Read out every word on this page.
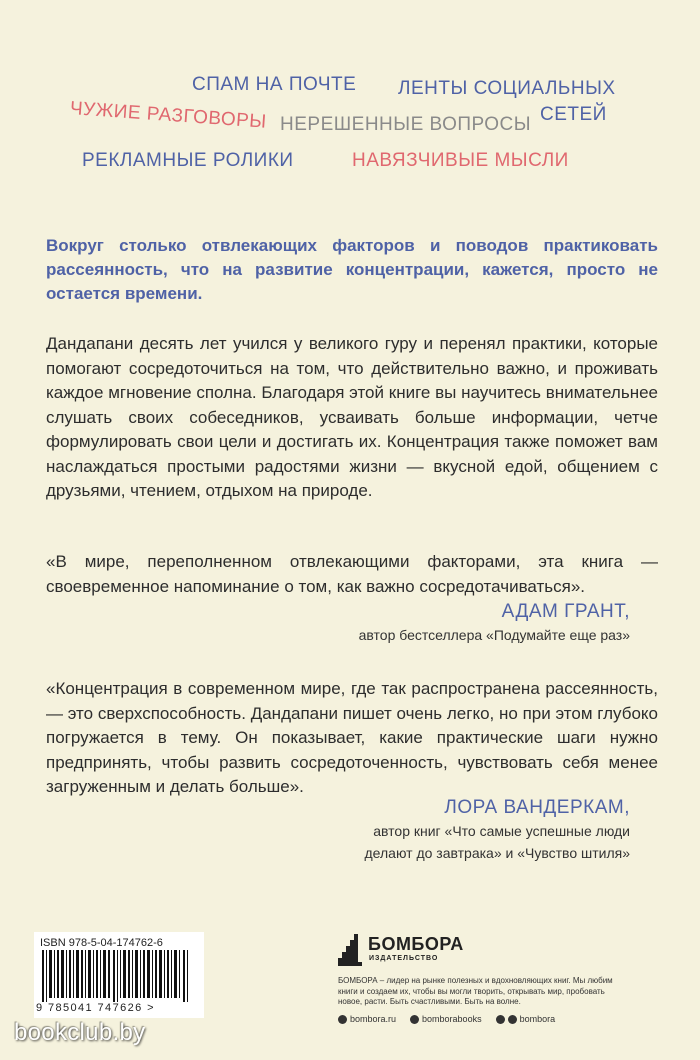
СПАМ НА ПОЧТЕ ЛЕНТЫ СОЦИАЛЬНЫХ
СЕТЕЙ
ЧУЖИЕ РАЗГОВОРЫ НЕРЕШЕННЫЕ ВОПРОСЫ
РЕКЛАМНЫЕ РОЛИКИ	НАВЯЗЧИВЫЕ МЫСЛИ
Вокруг столько отвлекающих факторов и поводов практиковать рассеянность, что на развитие концентрации, кажется, просто не остается времени.
Дандапани десять лет учился у великого гуру и перенял практики, которые помогают сосредоточиться на том, что действительно важно, и проживать каждое мгновение сполна. Благодаря этой книге вы научитесь внимательнее слушать своих собеседников, усваивать больше информации, четче формулировать свои цели и достигать их. Концентрация также поможет вам наслаждаться простыми радостями жизни — вкусной едой, общением с друзьями, чтением, отдыхом на природе.
«В мире, переполненном отвлекающими факторами, эта книга — своевременное напоминание о том, как важно сосредотачиваться».
АДАМ ГРАНТ,
автор бестселлера «Подумайте еще раз»
«Концентрация в современном мире, где так распространена рассеянность, — это сверхспособность. Дандапани пишет очень легко, но при этом глубоко погружается в тему. Он показывает, какие практические шаги нужно предпринять, чтобы развить сосредоточенность, чувствовать себя менее загруженным и делать больше».
ЛОРА ВАНДЕРКАМ,
автор книг «Что самые успешные люди
делают до завтрака» и «Чувство штиля»
ISBN 978-5-04-174762-6
9 785041 747626 >
bookclub.by
БОМБОРА
ИЗДАТЕЛЬСТВО
БОМБОРА – лидер на рынке полезных и вдохновляющих книг. Мы любим книги и создаем их, чтобы вы могли творить, открывать мир, пробовать новое, расти. Быть счастливыми. Быть на волне.
bombora.ru	bomborabooks	bombora
